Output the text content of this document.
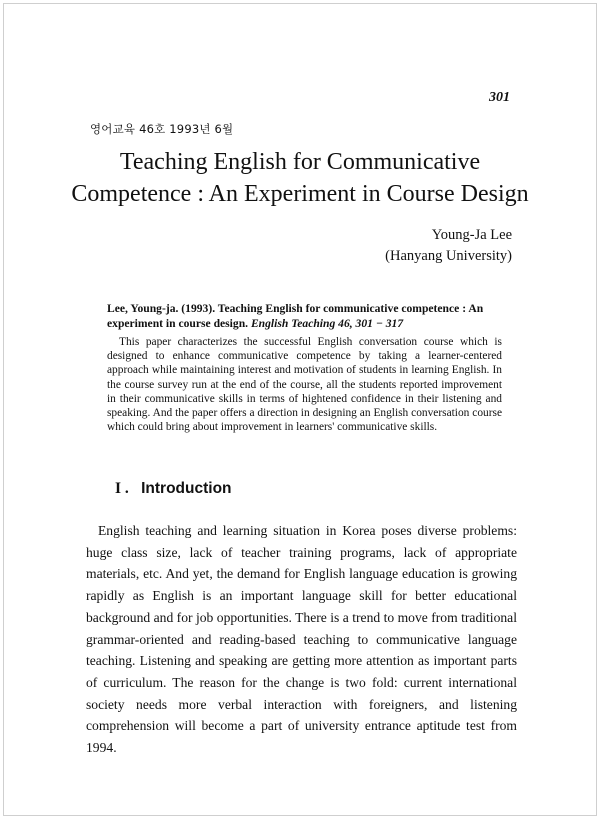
301
영어교육 46호 1993년 6월
Teaching English for Communicative
Competence : An Experiment in Course Design
Young-Ja Lee
(Hanyang University)

Lee, Young-ja. (1993). Teaching English for communicative competence : An experiment in course design. English Teaching 46, 301 − 317

This paper characterizes the successful English conversation course which is designed to enhance communicative competence by taking a learner-centered approach while maintaining interest and motivation of students in learning English. In the course survey run at the end of the course, all the students reported improvement in their communicative skills in terms of hightened confidence in their listening and speaking. And the paper offers a direction in designing an English conversation course which could bring about improvement in learners' communicative skills.

I . Introduction

English teaching and learning situation in Korea poses diverse problems: huge class size, lack of teacher training programs, lack of appropriate materials, etc. And yet, the demand for English language education is growing rapidly as English is an important language skill for better educational background and for job opportunities. There is a trend to move from traditional grammar-oriented and reading-based teaching to communicative language teaching. Listening and speaking are getting more attention as important parts of curriculum. The reason for the change is two fold: current international society needs more verbal interaction with foreigners, and listening comprehension will become a part of university entrance aptitude test from 1994.
